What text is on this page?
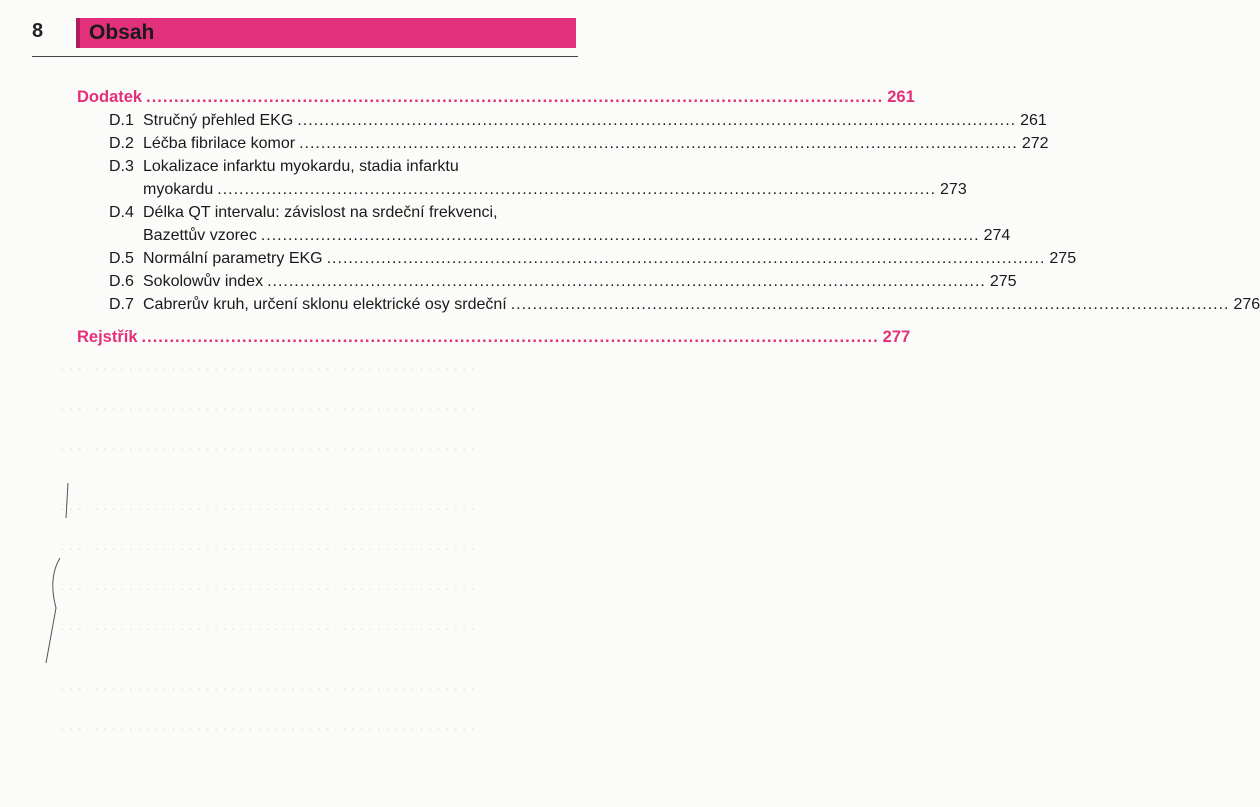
8 Obsah
· · · · · · · · · · · · · · · · · · · · · · · · · · · · · · · · · · · · · · · · · · · · · · · · ·
· · · · · · · · · · · · · · · · · · · · · · · · · · · · · · · · · · · · · · · · · · · · · · · · ·
· · · · · · · · · · · · · · · · · · · · · · · · · · · · · · · · · · · · · · · · · · · · · · · · ·
· · · · · · · · · · · · · · · · · · · · · · · · · · · · · · · · · · · · · · · · · · · · · · · · ·
· · · · · · · · · · · · · · · · · · · · · · · · · · · · · · · · · · · · · · · · · · · · · · · · ·
· · · · · · · · · · · · · · · · · · · · · · · · · · · · · · · · · · · · · · · · · · · · · · · · ·
· · · · · · · · · · · · · · · · · · · · · · · · · · · · · · · · · · · · · · · · · · · · · · · · ·
· · · · · · · · · · · · · · · · · · · · · · · · · · · · · · · · · · · · · · · · · · · · · · · · ·
· · · · · · · · · · · · · · · · · · · · · · · · · · · · · · · · · · · · · · · · · · · · · · · · ·
Dodatek .................................................................................................................................... 261
D.1 Stručný přehled EKG .................................................................................................................................... 261
D.2 Léčba fibrilace komor .................................................................................................................................... 272
D.3 Lokalizace infarktu myokardu, stadia infarktu
myokardu .................................................................................................................................... 273
D.4 Délka QT intervalu: závislost na srdeční frekvenci,
Bazettův vzorec .................................................................................................................................... 274
D.5 Normální parametry EKG .................................................................................................................................... 275
D.6 Sokolowův index .................................................................................................................................... 275
D.7 Cabrerův kruh, určení sklonu elektrické osy srdeční .................................................................................................................................... 276
Rejstřík .................................................................................................................................... 277
